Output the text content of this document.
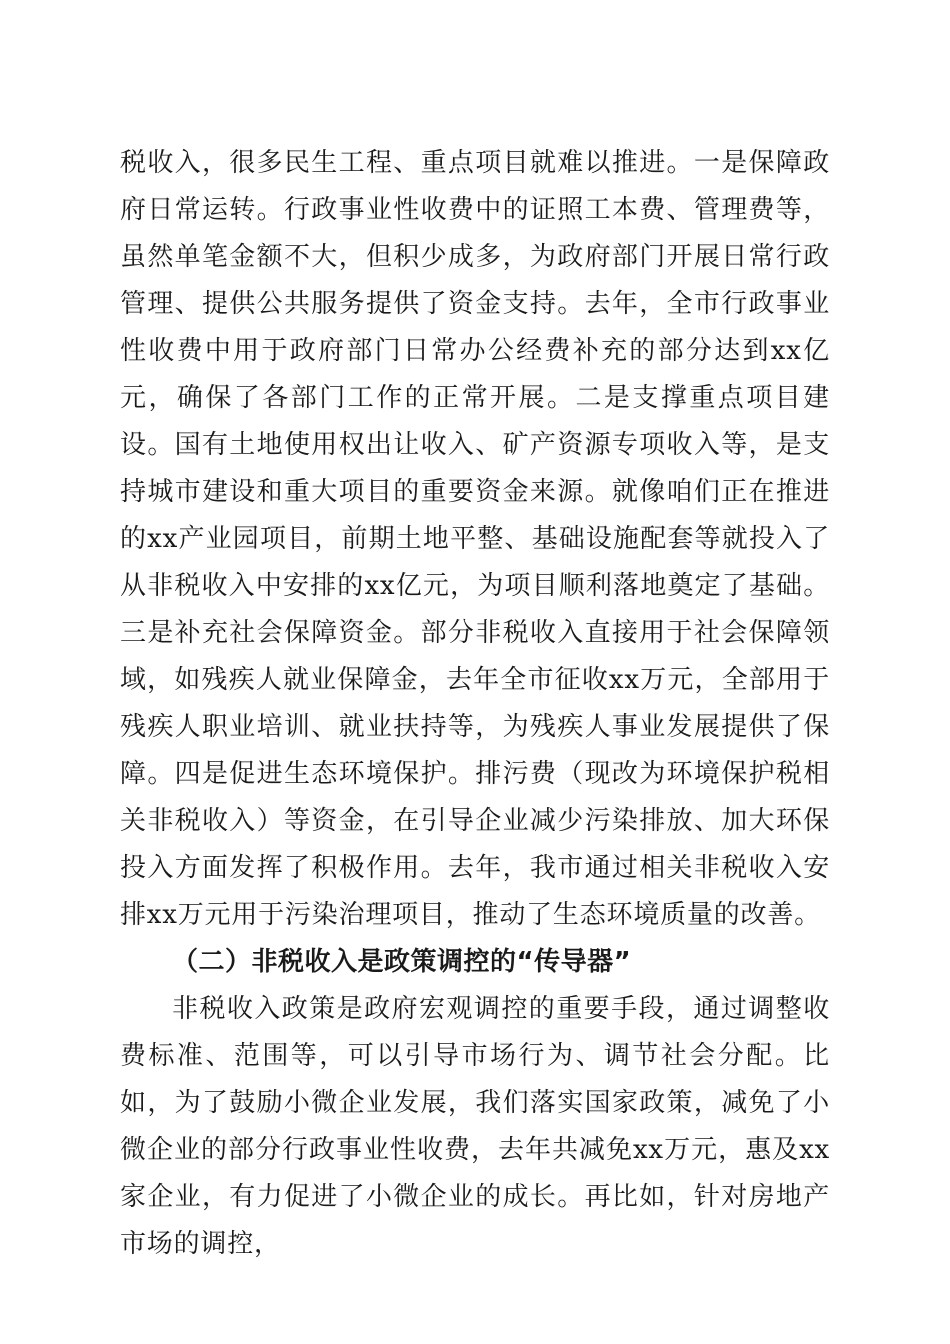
税收入，很多民生工程、重点项目就难以推进。一是保障政府日常运转。行政事业性收费中的证照工本费、管理费等，虽然单笔金额不大，但积少成多，为政府部门开展日常行政管理、提供公共服务提供了资金支持。去年，全市行政事业性收费中用于政府部门日常办公经费补充的部分达到xx亿元，确保了各部门工作的正常开展。二是支撑重点项目建设。国有土地使用权出让收入、矿产资源专项收入等，是支持城市建设和重大项目的重要资金来源。就像咱们正在推进的xx产业园项目，前期土地平整、基础设施配套等就投入了从非税收入中安排的xx亿元，为项目顺利落地奠定了基础。三是补充社会保障资金。部分非税收入直接用于社会保障领域，如残疾人就业保障金，去年全市征收xx万元，全部用于残疾人职业培训、就业扶持等，为残疾人事业发展提供了保障。四是促进生态环境保护。排污费（现改为环境保护税相关非税收入）等资金，在引导企业减少污染排放、加大环保投入方面发挥了积极作用。去年，我市通过相关非税收入安排xx万元用于污染治理项目，推动了生态环境质量的改善。

（二）非税收入是政策调控的“传导器”

非税收入政策是政府宏观调控的重要手段，通过调整收费标准、范围等，可以引导市场行为、调节社会分配。比如，为了鼓励小微企业发展，我们落实国家政策，减免了小微企业的部分行政事业性收费，去年共减免xx万元，惠及xx家企业，有力促进了小微企业的成长。再比如，针对房地产市场的调控，
